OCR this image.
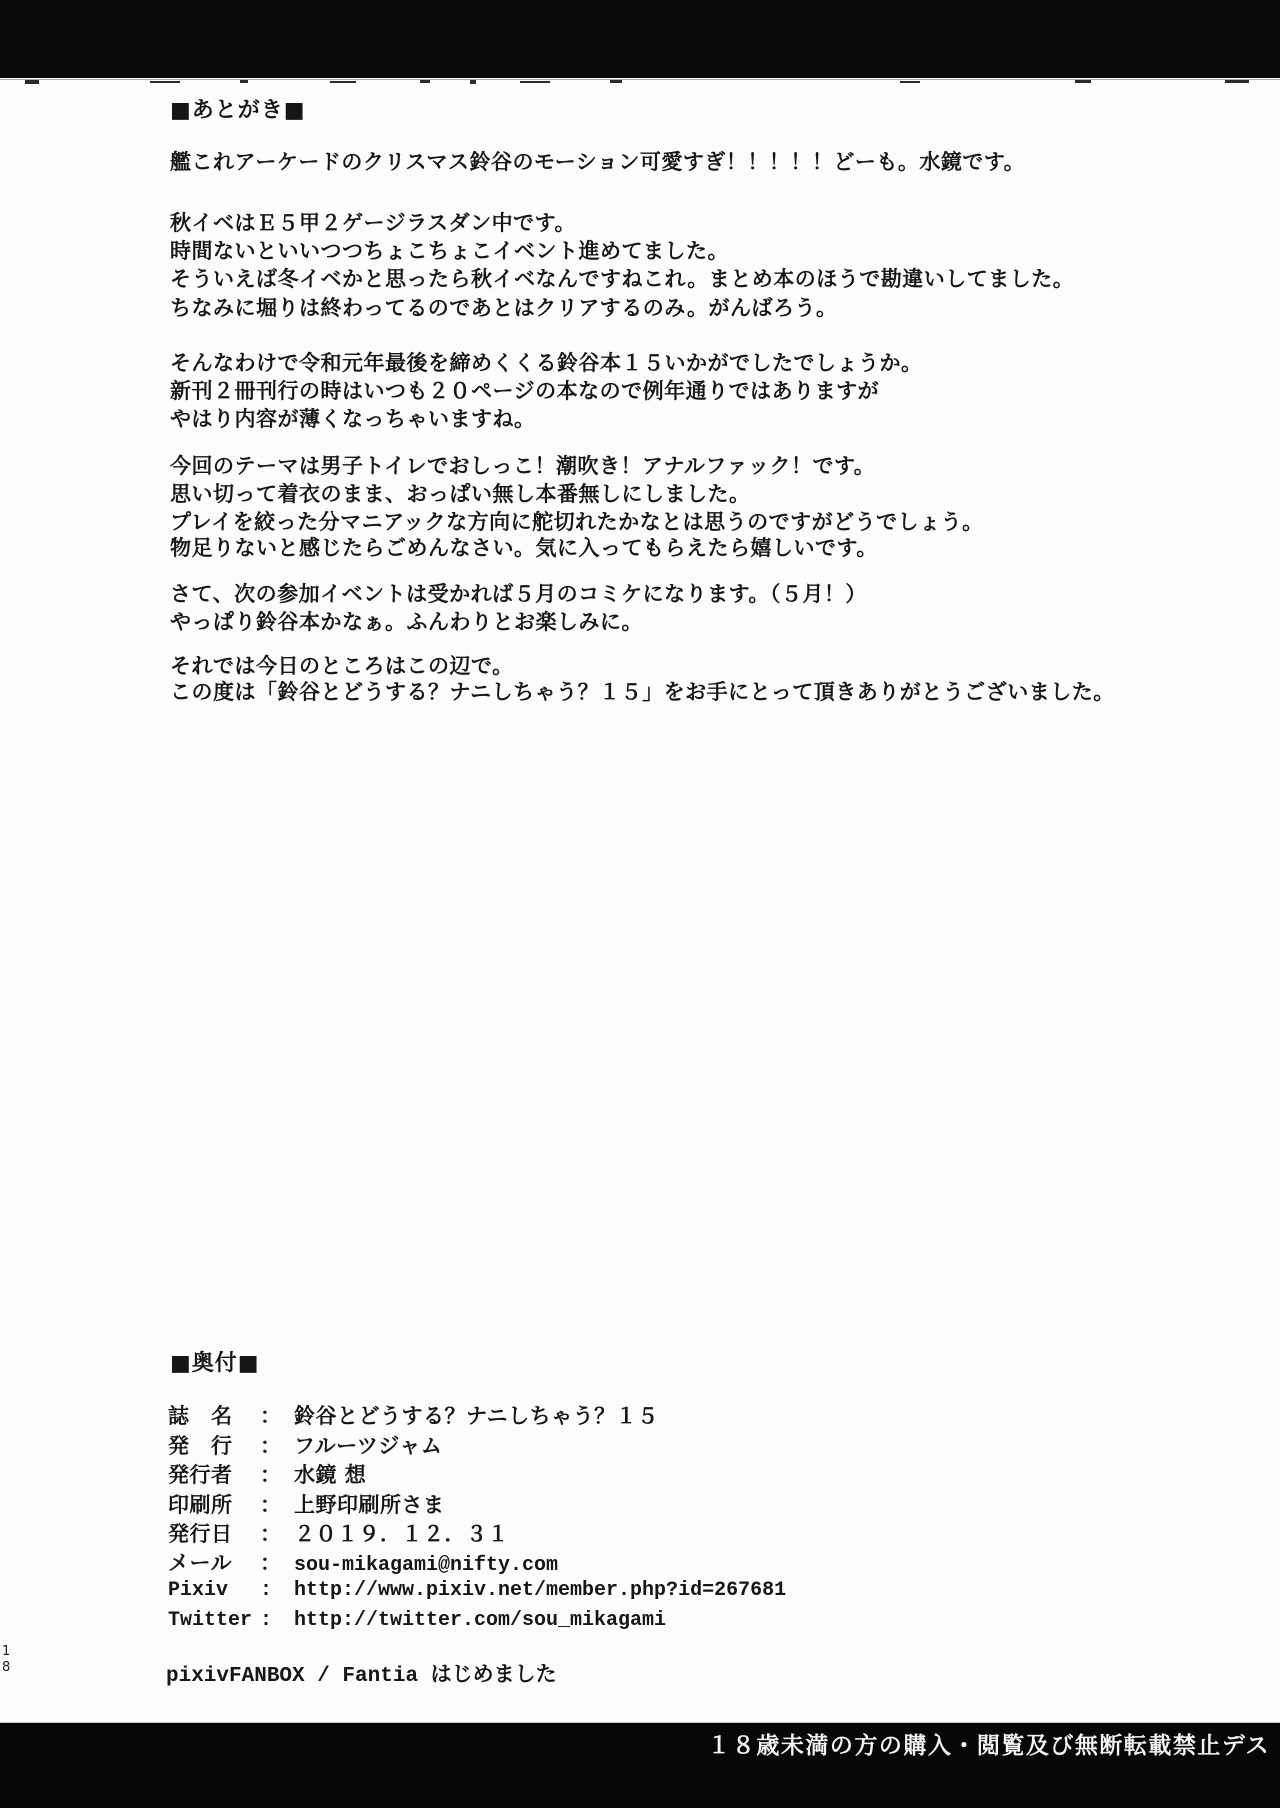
■あとがき■
艦これアーケードのクリスマス鈴谷のモーション可愛すぎ！！！！！どーも。水鏡です。
秋イベはＥ５甲２ゲージラスダン中です。
時間ないといいつつちょこちょこイベント進めてました。
そういえば冬イベかと思ったら秋イベなんですねこれ。まとめ本のほうで勘違いしてました。
ちなみに堀りは終わってるのであとはクリアするのみ。がんばろう。
そんなわけで令和元年最後を締めくくる鈴谷本１５いかがでしたでしょうか。
新刊２冊刊行の時はいつも２０ページの本なので例年通りではありますが
やはり内容が薄くなっちゃいますね。
今回のテーマは男子トイレでおしっこ！潮吹き！アナルファック！です。
思い切って着衣のまま、おっぱい無し本番無しにしました。
プレイを絞った分マニアックな方向に舵切れたかなとは思うのですがどうでしょう。
物足りないと感じたらごめんなさい。気に入ってもらえたら嬉しいです。
さて、次の参加イベントは受かれば５月のコミケになります。（５月！）
やっぱり鈴谷本かなぁ。ふんわりとお楽しみに。
それでは今日のところはこの辺で。
この度は「鈴谷とどうする？ナニしちゃう？１５」をお手にとって頂きありがとうございました。
■奥付■
誌　名 ： 鈴谷とどうする？ナニしちゃう？１５
発　行 ： フルーツジャム
発行者 ： 水鏡 想
印刷所 ： 上野印刷所さま
発行日 ： ２０１９．１２．３１
メール ： sou-mikagami@nifty.com
Pixiv : http://www.pixiv.net/member.php?id=267681
Twitter : http://twitter.com/sou_mikagami
pixivFANBOX / Fantia はじめました
1
8
１８歳未満の方の購入・閲覧及び無断転載禁止デス
